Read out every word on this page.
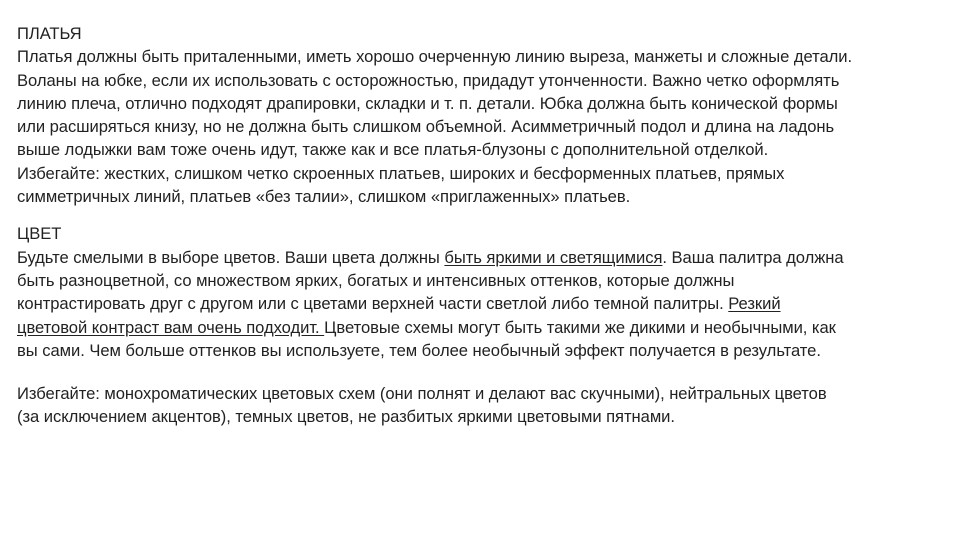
ПЛАТЬЯ
Платья должны быть приталенными, иметь хорошо очерченную линию выреза, манжеты и сложные детали.
Воланы на юбке, если их использовать с осторожностью, придадут утонченности. Важно четко оформлять
линию плеча, отлично подходят драпировки, складки и т. п. детали. Юбка должна быть конической формы
или расширяться книзу, но не должна быть слишком объемной. Асимметричный подол и длина на ладонь
выше лодыжки вам тоже очень идут, также как и все платья-блузоны с дополнительной отделкой.
Избегайте: жестких, слишком четко скроенных платьев, широких и бесформенных платьев, прямых
симметричных линий, платьев «без талии», слишком «приглаженных» платьев.
ЦВЕТ
Будьте смелыми в выборе цветов. Ваши цвета должны быть яркими и светящимися. Ваша палитра должна
быть разноцветной, со множеством ярких, богатых и интенсивных оттенков, которые должны
контрастировать друг с другом или с цветами верхней части светлой либо темной палитры. Резкий
цветовой контраст вам очень подходит. Цветовые схемы могут быть такими же дикими и необычными, как
вы сами. Чем больше оттенков вы используете, тем более необычный эффект получается в результате.
Избегайте: монохроматических цветовых схем (они полнят и делают вас скучными), нейтральных цветов
(за исключением акцентов), темных цветов, не разбитых яркими цветовыми пятнами.
